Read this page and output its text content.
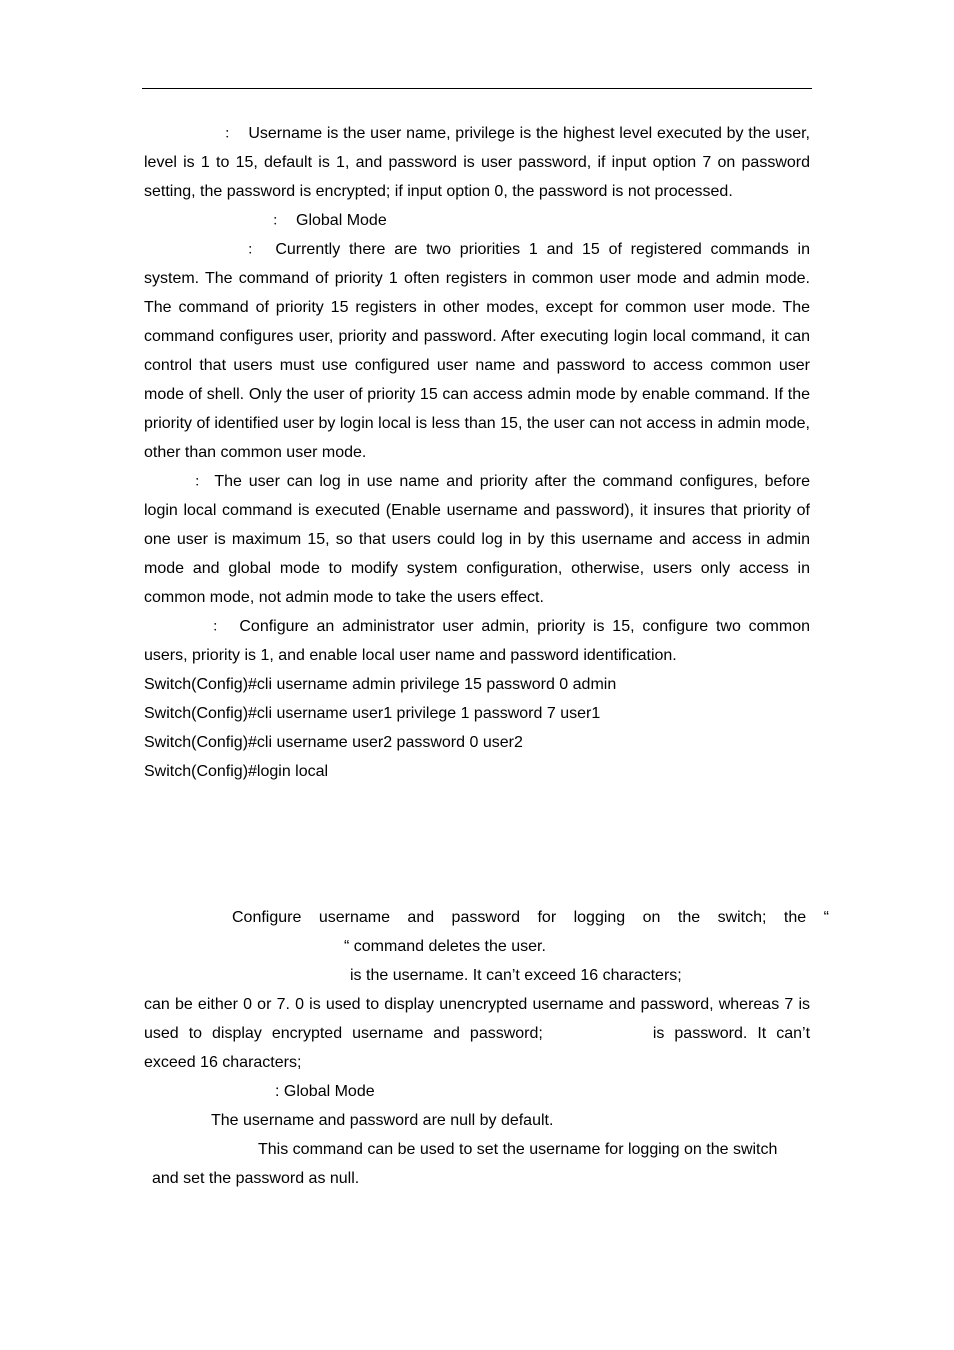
： Username is the user name, privilege is the highest level executed by the user, level is 1 to 15, default is 1, and password is user password, if input option 7 on password setting, the password is encrypted; if input option 0, the password is not processed.

： Global Mode

： Currently there are two priorities 1 and 15 of registered commands in system. The command of priority 1 often registers in common user mode and admin mode. The command of priority 15 registers in other modes, except for common user mode. The command configures user, priority and password. After executing login local command, it can control that users must use configured user name and password to access common user mode of shell. Only the user of priority 15 can access admin mode by enable command. If the priority of identified user by login local is less than 15, the user can not access in admin mode, other than common user mode.

： The user can log in use name and priority after the command configures, before login local command is executed (Enable username and password), it insures that priority of one user is maximum 15, so that users could log in by this username and access in admin mode and global mode to modify system configuration, otherwise, users only access in common mode, not admin mode to take the users effect.

： Configure an administrator user admin, priority is 15, configure two common users, priority is 1, and enable local user name and password identification.

Switch(Config)#cli username admin privilege 15 password 0 admin

Switch(Config)#cli username user1 privilege 1 password 7 user1

Switch(Config)#cli username user2 password 0 user2

Switch(Config)#login local

Configure username and password for logging on the switch; the “

“ command deletes the user.

is the username. It can’t exceed 16 characters;

can be either 0 or 7. 0 is used to display unencrypted username and password, whereas 7 is used to display encrypted username and password;	is password. It can’t exceed 16 characters;

: Global Mode

The username and password are null by default.

This command can be used to set the username for logging on the switch

and set the password as null.
